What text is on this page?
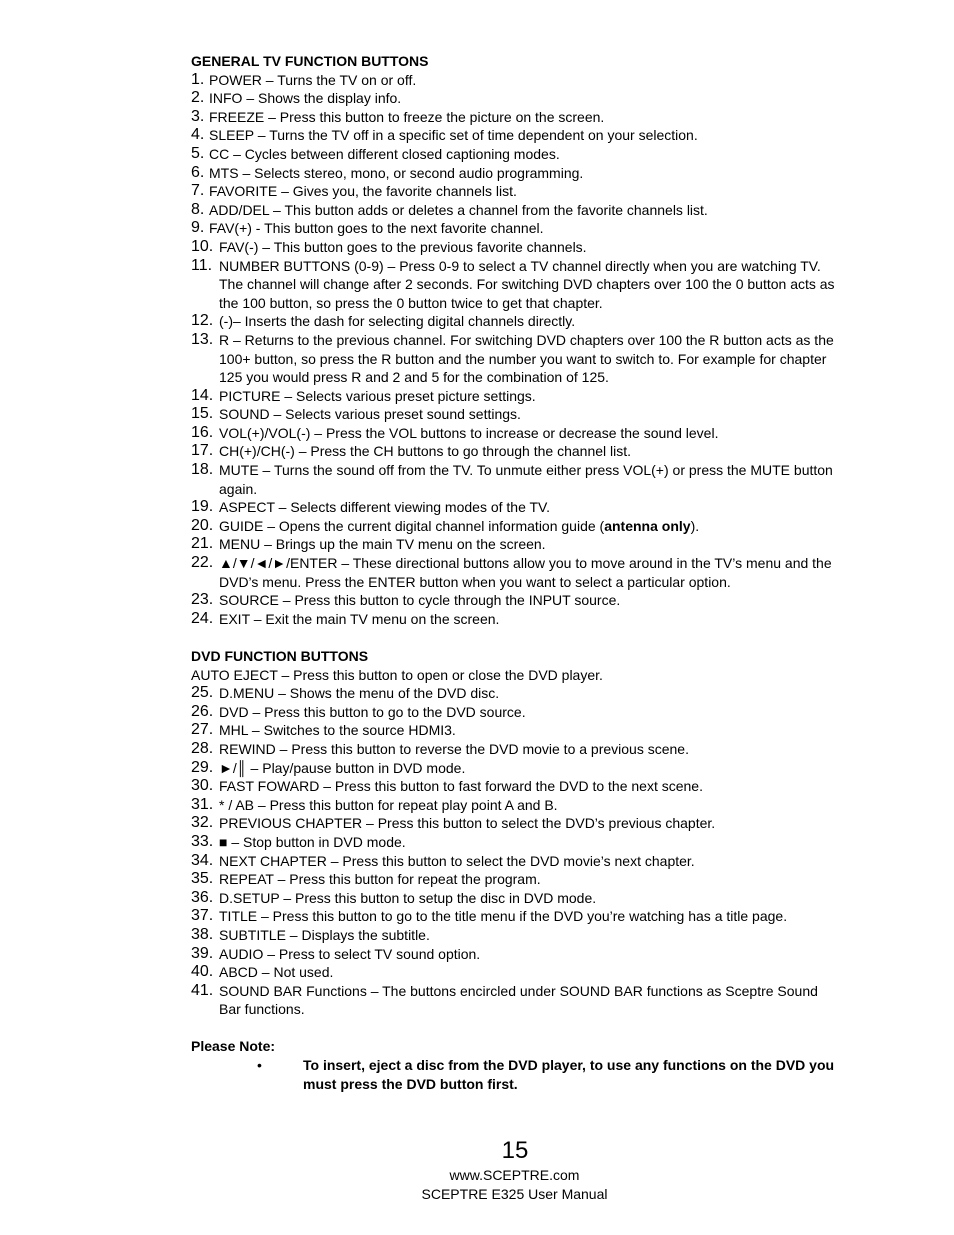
GENERAL TV FUNCTION BUTTONS

1. POWER – Turns the TV on or off.
2. INFO – Shows the display info.
3. FREEZE – Press this button to freeze the picture on the screen.
4. SLEEP – Turns the TV off in a specific set of time dependent on your selection.
5. CC – Cycles between different closed captioning modes.
6. MTS – Selects stereo, mono, or second audio programming.
7. FAVORITE – Gives you, the favorite channels list.
8. ADD/DEL – This button adds or deletes a channel from the favorite channels list.
9. FAV(+) - This button goes to the next favorite channel.
10. FAV(-) – This button goes to the previous favorite channels.
11. NUMBER BUTTONS (0-9) – Press 0-9 to select a TV channel directly when you are watching TV. The channel will change after 2 seconds. For switching DVD chapters over 100 the 0 button acts as the 100 button, so press the 0 button twice to get that chapter.
12. (-)– Inserts the dash for selecting digital channels directly.
13. R – Returns to the previous channel. For switching DVD chapters over 100 the R button acts as the 100+ button, so press the R button and the number you want to switch to. For example for chapter 125 you would press R and 2 and 5 for the combination of 125.
14. PICTURE – Selects various preset picture settings.
15. SOUND – Selects various preset sound settings.
16. VOL(+)/VOL(-) – Press the VOL buttons to increase or decrease the sound level.
17. CH(+)/CH(-) – Press the CH buttons to go through the channel list.
18. MUTE – Turns the sound off from the TV. To unmute either press VOL(+) or press the MUTE button again.
19. ASPECT – Selects different viewing modes of the TV.
20. GUIDE – Opens the current digital channel information guide (antenna only).
21. MENU – Brings up the main TV menu on the screen.
22. ▲/▼/◄/►/ENTER – These directional buttons allow you to move around in the TV’s menu and the DVD’s menu. Press the ENTER button when you want to select a particular option.
23. SOURCE – Press this button to cycle through the INPUT source.
24. EXIT – Exit the main TV menu on the screen.

DVD FUNCTION BUTTONS

AUTO EJECT – Press this button to open or close the DVD player.

25. D.MENU – Shows the menu of the DVD disc.
26. DVD – Press this button to go to the DVD source.
27. MHL – Switches to the source HDMI3.
28. REWIND – Press this button to reverse the DVD movie to a previous scene.
29. ►/║ – Play/pause button in DVD mode.
30. FAST FOWARD – Press this button to fast forward the DVD to the next scene.
31. * / AB – Press this button for repeat play point A and B.
32. PREVIOUS CHAPTER – Press this button to select the DVD’s previous chapter.
33. ■ – Stop button in DVD mode.
34. NEXT CHAPTER – Press this button to select the DVD movie’s next chapter.
35. REPEAT – Press this button for repeat the program.
36. D.SETUP – Press this button to setup the disc in DVD mode.
37. TITLE – Press this button to go to the title menu if the DVD you’re watching has a title page.
38. SUBTITLE – Displays the subtitle.
39. AUDIO – Press to select TV sound option.
40. ABCD – Not used.
41. SOUND BAR Functions – The buttons encircled under SOUND BAR functions as Sceptre Sound Bar functions.

Please Note:

•	To insert, eject a disc from the DVD player, to use any functions on the DVD you must press the DVD button first.
15
www.SCEPTRE.com
SCEPTRE E325 User Manual
